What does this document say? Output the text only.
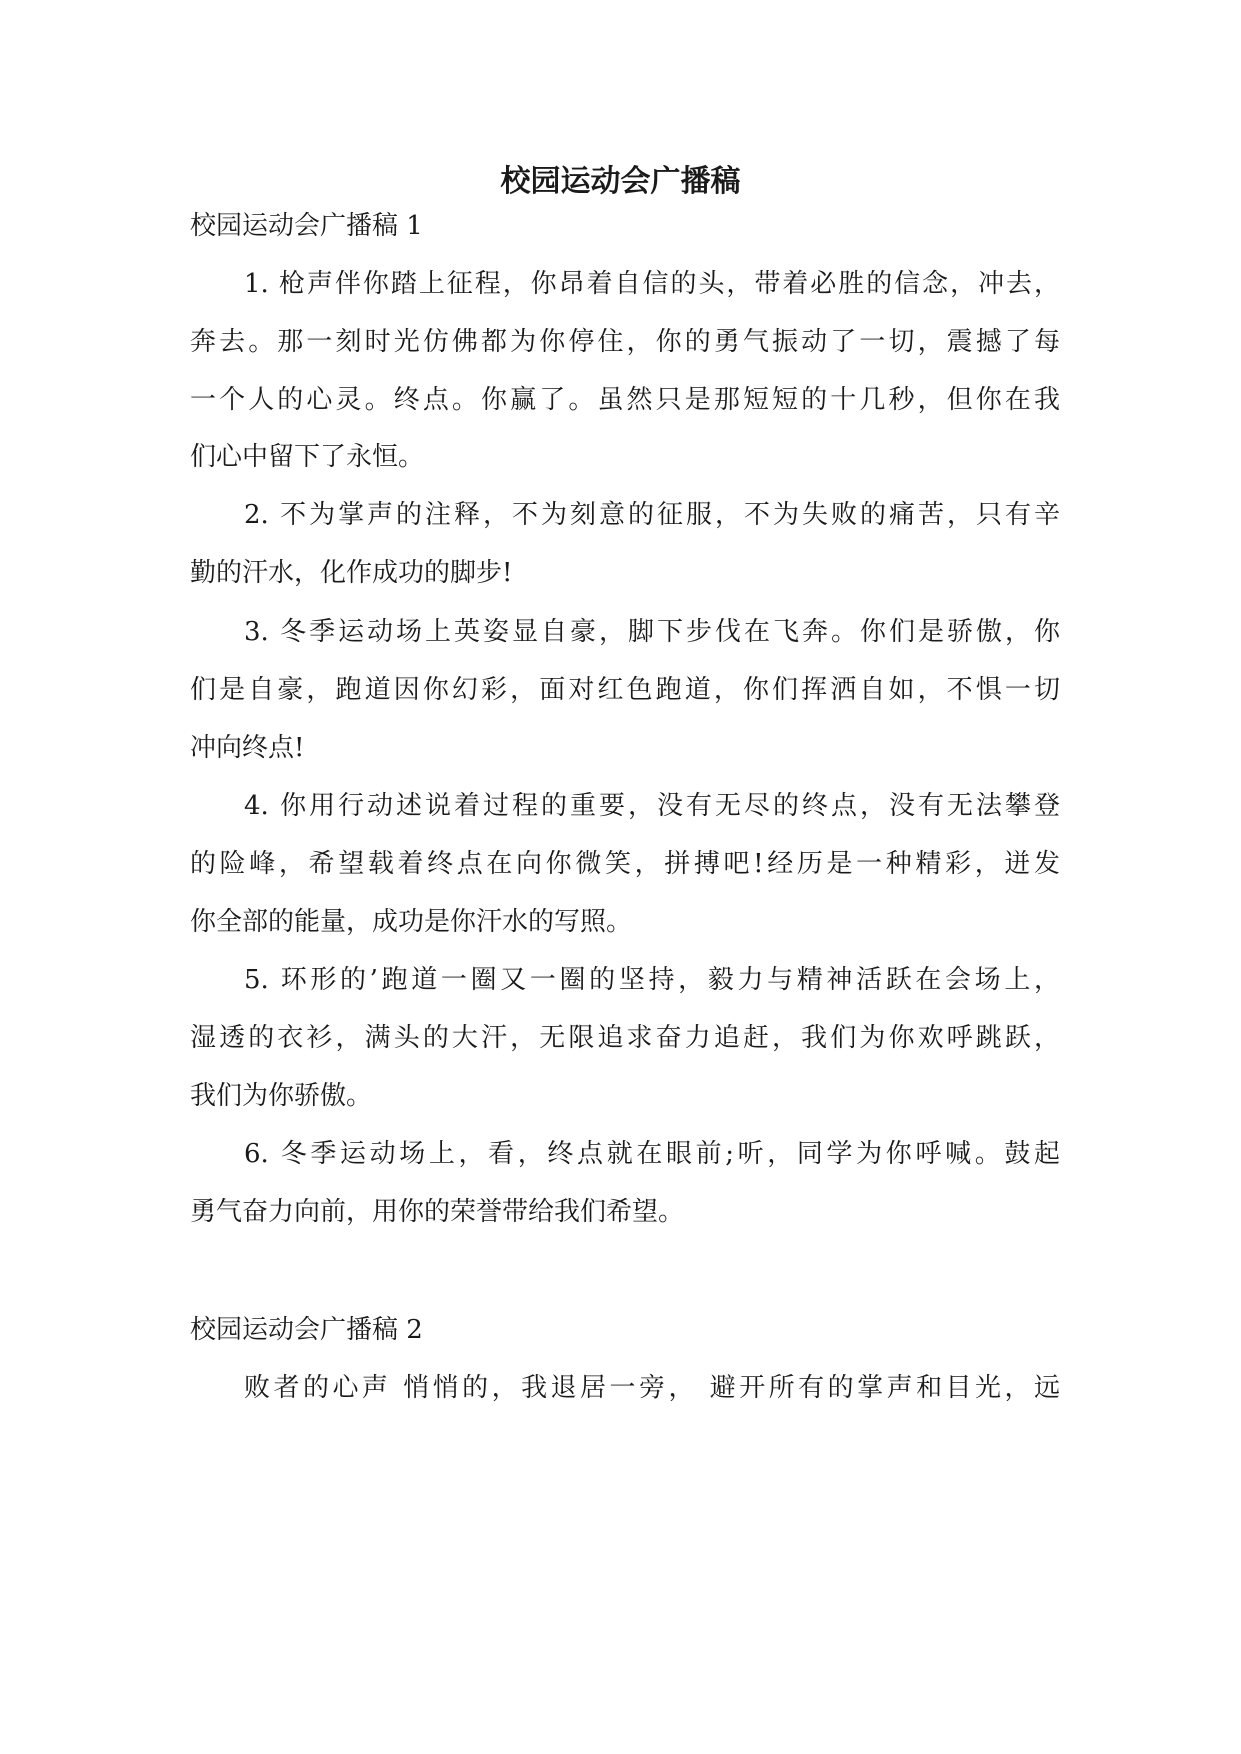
校园运动会广播稿
校园运动会广播稿 1
1. 枪声伴你踏上征程，你昂着自信的头，带着必胜的信念，冲去，
奔去。那一刻时光仿佛都为你停住，你的勇气振动了一切，震撼了每
一个人的心灵。终点。你赢了。虽然只是那短短的十几秒，但你在我
们心中留下了永恒。
2. 不为掌声的注释，不为刻意的征服，不为失败的痛苦，只有辛
勤的汗水，化作成功的脚步!
3. 冬季运动场上英姿显自豪，脚下步伐在飞奔。你们是骄傲，你
们是自豪，跑道因你幻彩，面对红色跑道，你们挥洒自如，不惧一切
冲向终点!
4. 你用行动述说着过程的重要，没有无尽的终点，没有无法攀登
的险峰，希望载着终点在向你微笑，拼搏吧!经历是一种精彩，迸发
你全部的能量，成功是你汗水的写照。
5. 环形的’跑道一圈又一圈的坚持，毅力与精神活跃在会场上，
湿透的衣衫，满头的大汗，无限追求奋力追赶，我们为你欢呼跳跃，
我们为你骄傲。
6. 冬季运动场上，看，终点就在眼前;听，同学为你呼喊。鼓起
勇气奋力向前，用你的荣誉带给我们希望。
校园运动会广播稿 2
败者的心声 悄悄的，我退居一旁， 避开所有的掌声和目光，远
